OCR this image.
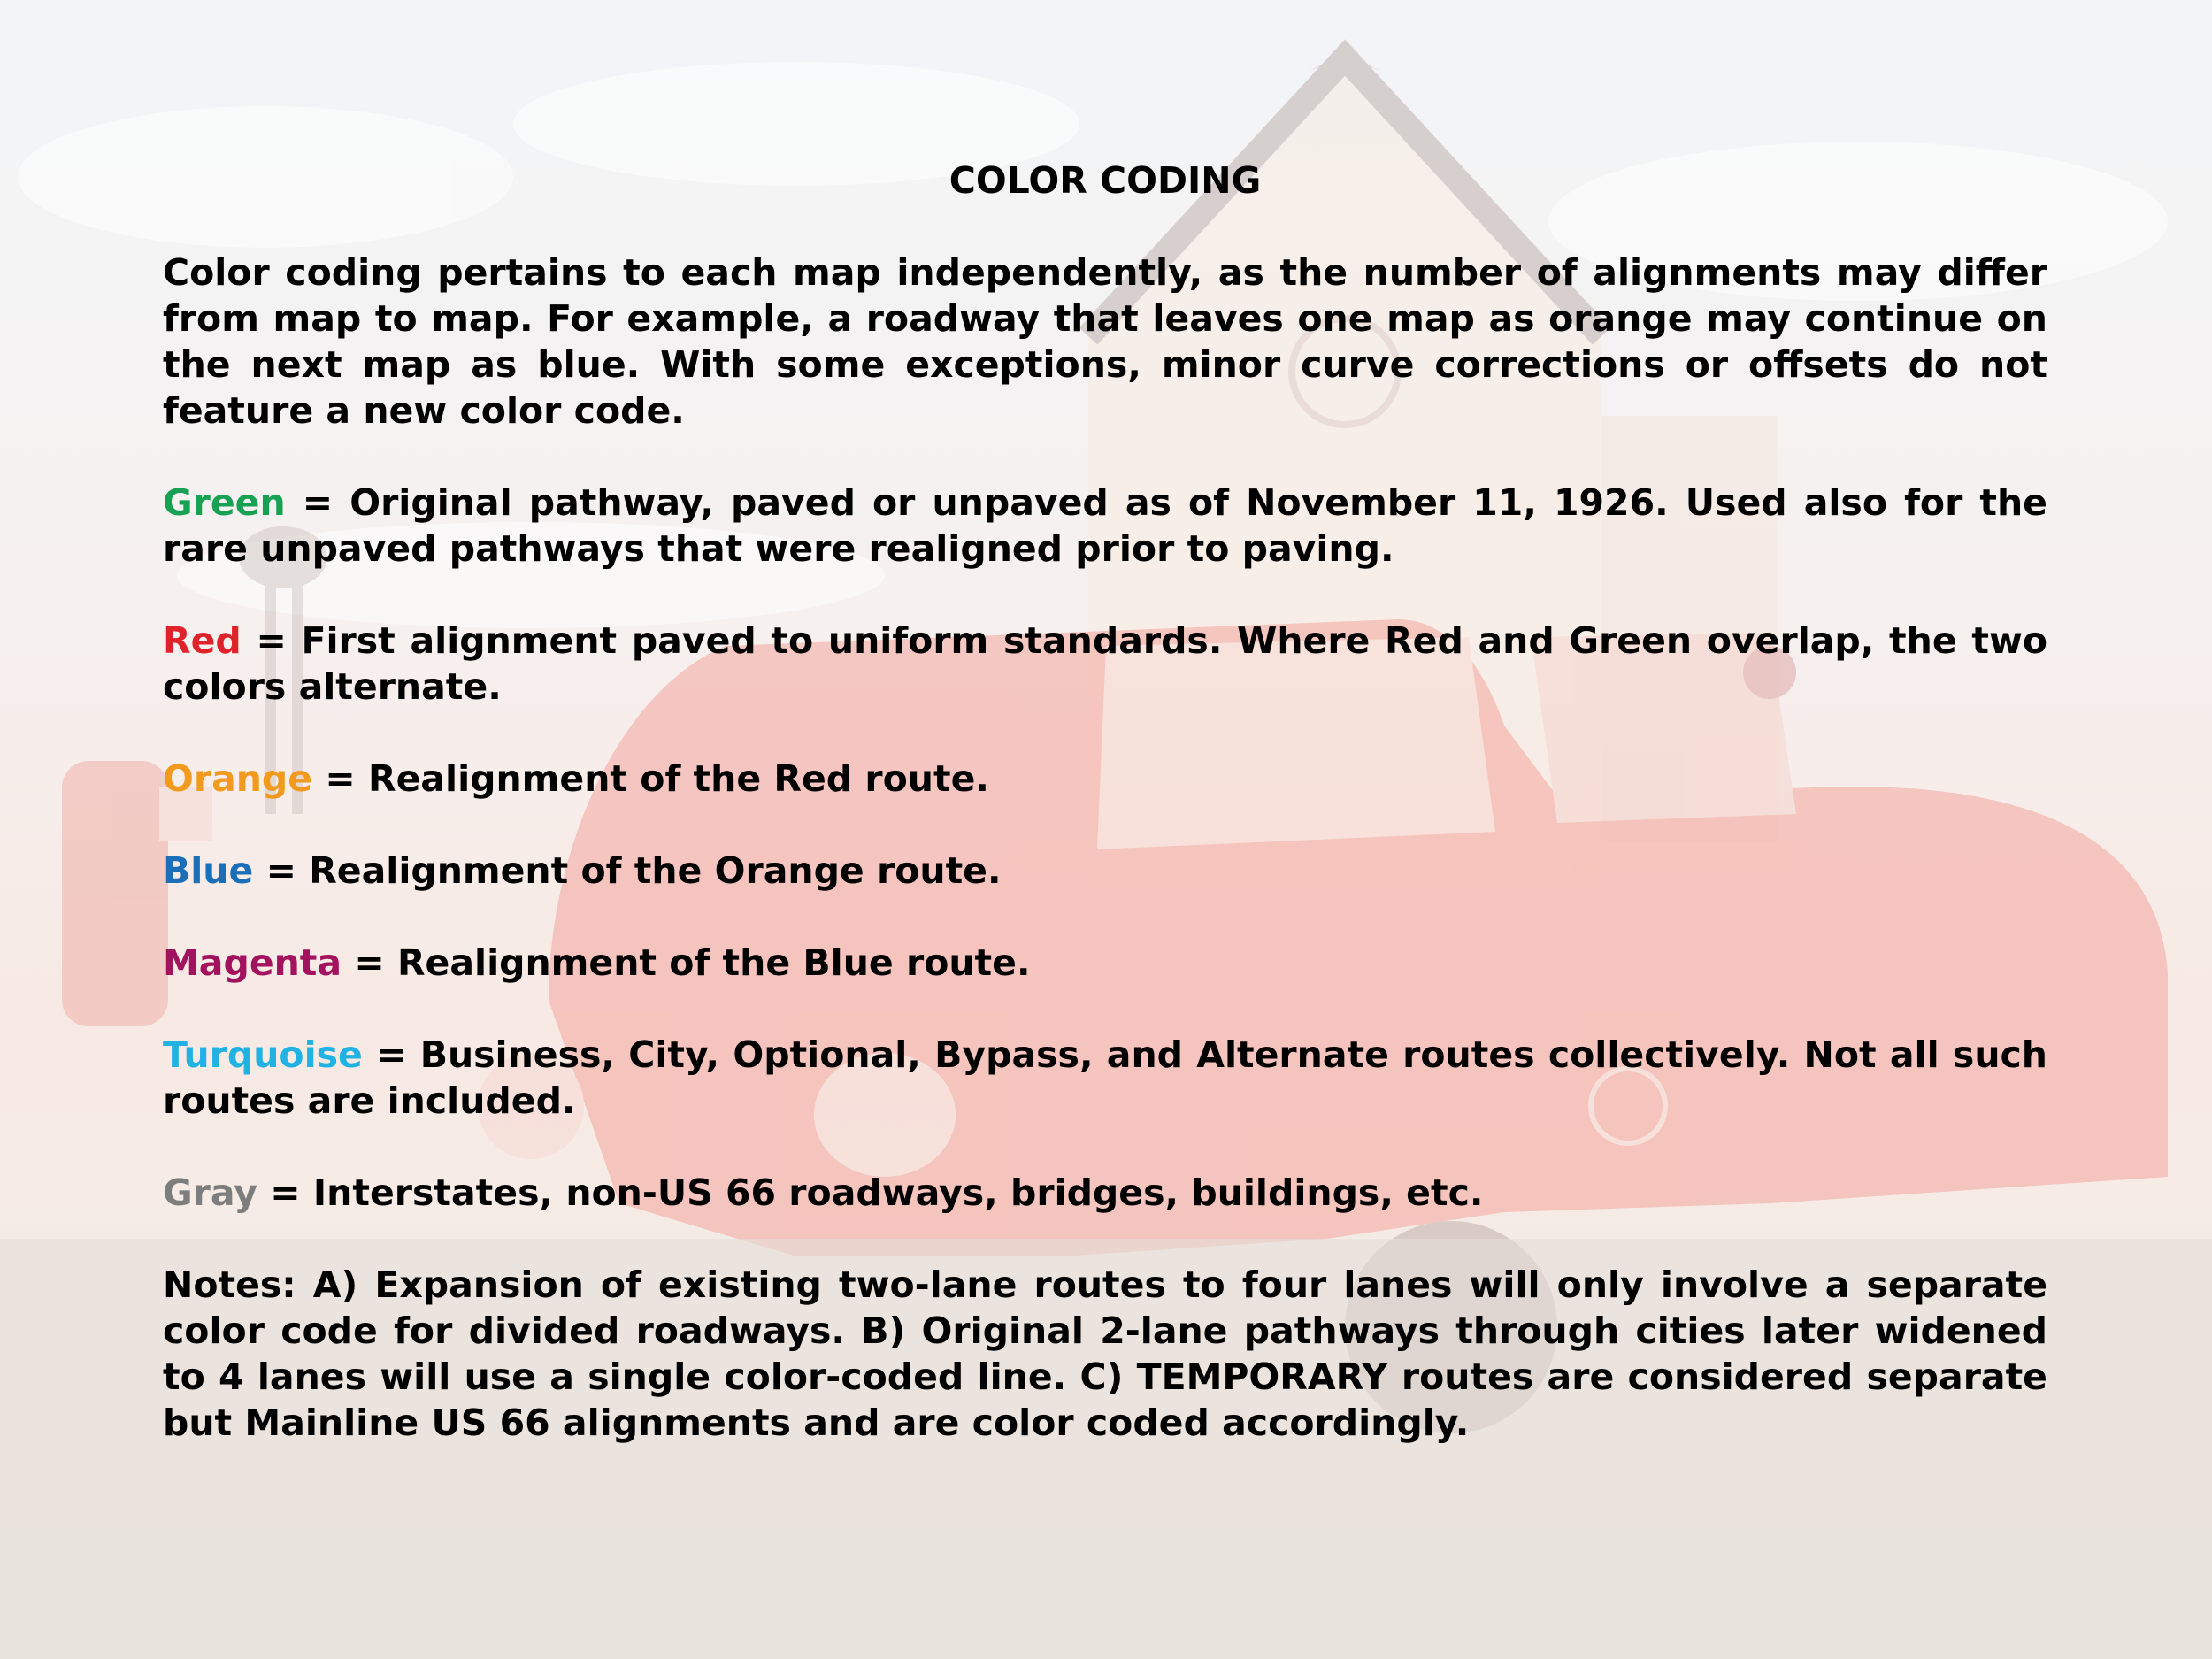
COLOR CODING

Color coding pertains to each map independently, as the number of alignments may differ from map to map. For example, a roadway that leaves one map as orange may continue on the next map as blue. With some exceptions, minor curve corrections or offsets do not feature a new color code.

Green = Original pathway, paved or unpaved as of November 11, 1926. Used also for the rare unpaved pathways that were realigned prior to paving.

Red = First alignment paved to uniform standards. Where Red and Green overlap, the two colors alternate.

Orange = Realignment of the Red route.

Blue = Realignment of the Orange route.

Magenta = Realignment of the Blue route.

Turquoise = Business, City, Optional, Bypass, and Alternate routes collectively. Not all such routes are included.

Gray = Interstates, non-US 66 roadways, bridges, buildings, etc.

Notes: A) Expansion of existing two-lane routes to four lanes will only involve a separate color code for divided roadways. B) Original 2-lane pathways through cities later widened to 4 lanes will use a single color-coded line. C) TEMPORARY routes are considered separate but Mainline US 66 alignments and are color coded accordingly.
